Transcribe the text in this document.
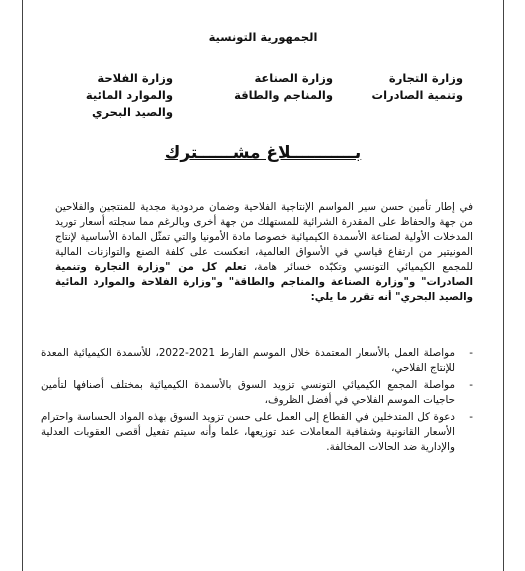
الجمهورية التونسية
وزارة التجارة
وتنمية الصادرات
وزارة الصناعة
والمناجم والطاقة
وزارة الفلاحة
والموارد المائية
والصيد البحري
بـــــــــــلاغ مشــــــترك
في إطار تأمين حسن سير المواسم الإنتاجية الفلاحية وضمان مردودية مجدية للمنتجين والفلاحين من جهة والحفاظ على المقدرة الشرائية للمستهلك من جهة أخرى وبالرغم مما سجلته أسعار توريد المدخلات الأولية لصناعة الأسمدة الكيميائية خصوصا مادة الأمونيا والتي تمثّل المادة الأساسية لإنتاج المونيتير من ارتفاع قياسي في الأسواق العالمية، انعكست على كلفة الصنع والتوازنات المالية للمجمع الكيميائي التونسي وتكبّده خسائر هامة، تعلم كل من "وزارة التجارة وتنمية الصادرات" و"وزارة الصناعة والمناجم والطاقة" و"وزارة الفلاحة والموارد المائية والصيد البحري" أنه تقرر ما يلي:
-
مواصلة العمل بالأسعار المعتمدة خلال الموسم الفارط 2021-2022، للأسمدة الكيميائية المعدة للإنتاج الفلاحي،
-
مواصلة المجمع الكيميائي التونسي تزويد السوق بالأسمدة الكيميائية بمختلف أصنافها لتأمين حاجيات الموسم الفلاحي في أفضل الظروف،
-
دعوة كل المتدخلين في القطاع إلى العمل على حسن تزويد السوق بهذه المواد الحساسة واحترام الأسعار القانونية وشفافية المعاملات عند توزيعها، علما وأنه سيتم تفعيل أقصى العقوبات العدلية والإدارية ضد الحالات المخالفة.
